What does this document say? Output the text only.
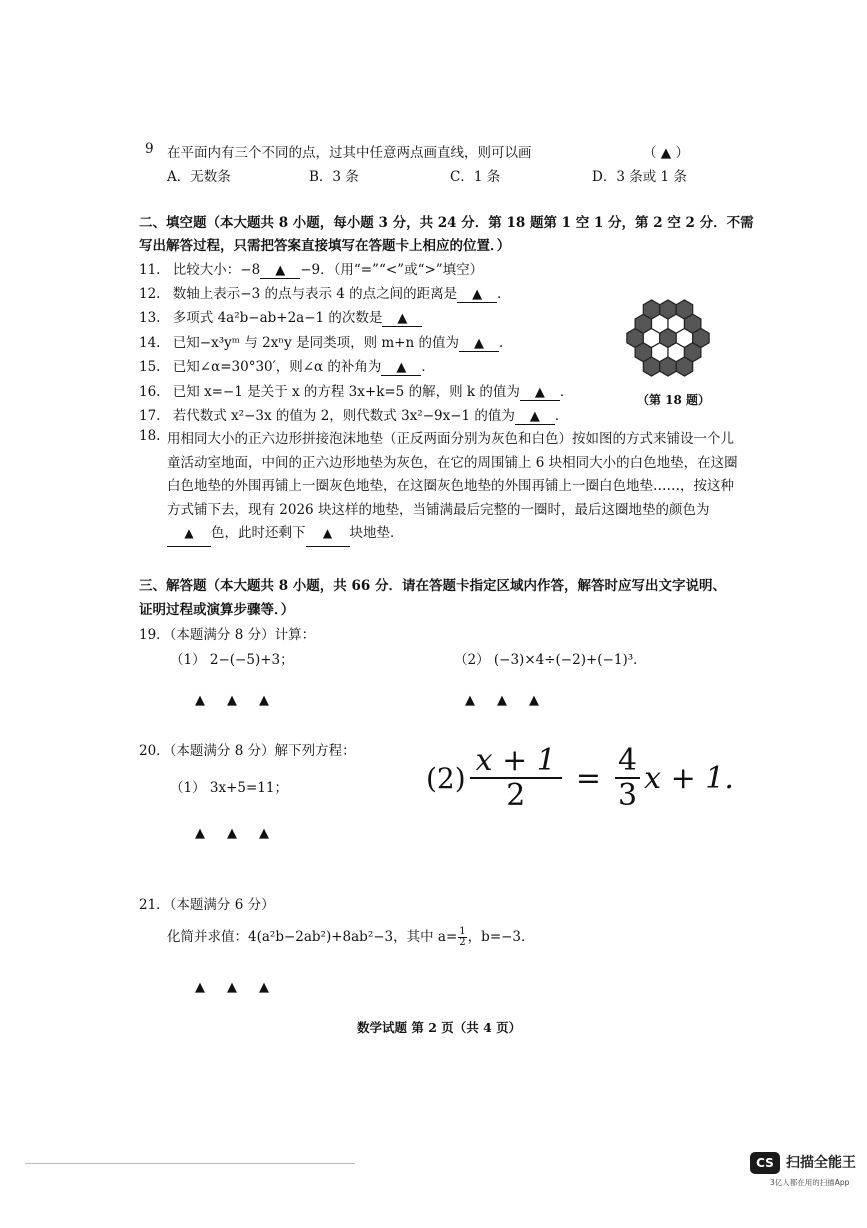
9 在平面内有三个不同的点，过其中任意两点画直线，则可以画	（ ▲ ）
A．无数条	B．3 条	C．1 条	D．3 条或 1 条
二、填空题（本大题共 8 小题，每小题 3 分，共 24 分．第 18 题第 1 空 1 分，第 2 空 2 分．不需
写出解答过程，只需把答案直接填写在答题卡上相应的位置．）
11. 比较大小：−8 ▲ −9．（用“=”“<”或“>”填空）
12. 数轴上表示−3 的点与表示 4 的点之间的距离是 ▲ ．
13. 多项式 4a²b−ab+2a−1 的次数是 ▲
14. 已知−x³yᵐ 与 2xⁿy 是同类项，则 m+n 的值为 ▲ ．
15. 已知∠α=30°30′，则∠α 的补角为 ▲ ．
16. 已知 x=−1 是关于 x 的方程 3x+k=5 的解，则 k 的值为 ▲ ．
17. 若代数式 x²−3x 的值为 2，则代数式 3x²−9x−1 的值为 ▲ ．
（第 18 题）
18. 用相同大小的正六边形拼接泡沫地垫（正反两面分别为灰色和白色）按如图的方式来铺设一个儿童活动室地面，中间的正六边形地垫为灰色，在它的周围铺上 6 块相同大小的白色地垫，在这圈白色地垫的外围再铺上一圈灰色地垫，在这圈灰色地垫的外围再铺上一圈白色地垫……，按这种方式铺下去，现有 2026 块这样的地垫，当铺满最后完整的一圈时，最后这圈地垫的颜色为▲ 色，此时还剩下 ▲ 块地垫．
三、解答题（本大题共 8 小题，共 66 分．请在答题卡指定区域内作答，解答时应写出文字说明、
证明过程或演算步骤等．）
19．（本题满分 8 分）计算：
（1） 2−(−5)+3；	（2） (−3)×4÷(−2)+(−1)³．
▲ ▲ ▲	▲ ▲ ▲
20．（本题满分 8 分）解下列方程：
（1） 3x+5=11；	$(2) \frac{x + 1}{2} = \frac{4}{3}$ x + 1.
▲ ▲ ▲
21．（本题满分 6 分）
化简并求值：4(a²b−2ab²)+8ab²−3，其中 $a= \frac{1}{2}$ ，b=−3．
▲ ▲ ▲
数学试题 第 2 页（共 4 页）
CS 扫描全能王
3亿人都在用的扫描App
